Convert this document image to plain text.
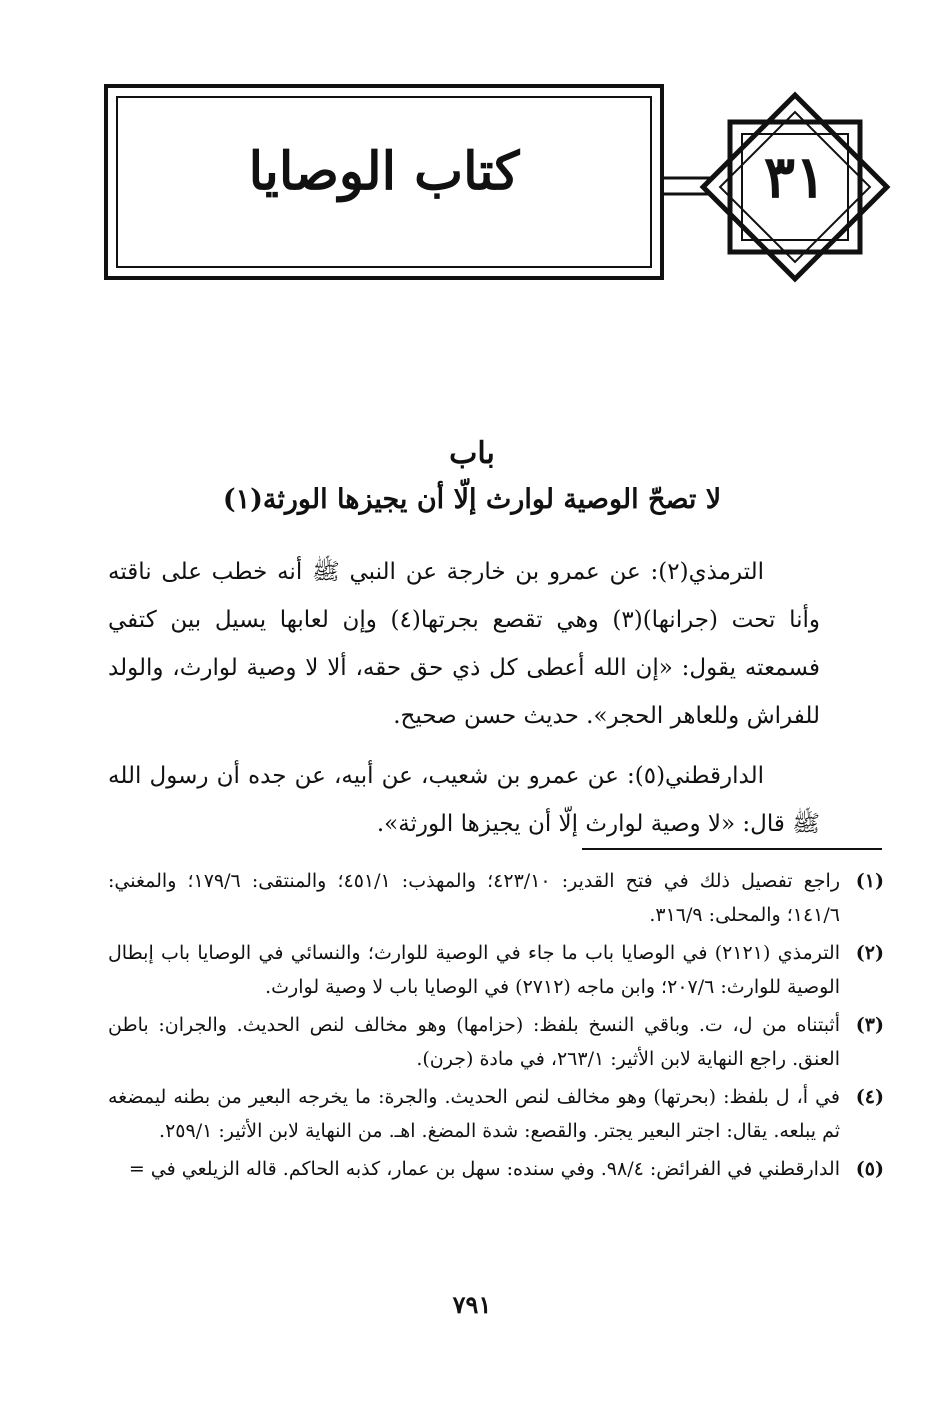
كتاب الوصايا	٣١
باب
لا تصحّ الوصية لوارث إلّا أن يجيزها الورثة(١)

الترمذي(٢): عن عمرو بن خارجة عن النبي ﷺ أنه خطب على ناقته وأنا تحت (جرانها)(٣) وهي تقصع بجرتها(٤) وإن لعابها يسيل بين كتفي فسمعته يقول: «إن الله أعطى كل ذي حق حقه، ألا لا وصية لوارث، والولد للفراش وللعاهر الحجر». حديث حسن صحيح.

الدارقطني(٥): عن عمرو بن شعيب، عن أبيه، عن جده أن رسول الله ﷺ قال: «لا وصية لوارث إلّا أن يجيزها الورثة».

(١)
راجع تفصيل ذلك في فتح القدير: ٤٢٣/١٠؛ والمهذب: ٤٥١/١؛ والمنتقى: ١٧٩/٦؛ والمغني: ١٤١/٦؛ والمحلى: ٣١٦/٩.
(٢)
الترمذي (٢١٢١) في الوصايا باب ما جاء في الوصية للوارث؛ والنسائي في الوصايا باب إبطال الوصية للوارث: ٢٠٧/٦؛ وابن ماجه (٢٧١٢) في الوصايا باب لا وصية لوارث.
(٣)
أثبتناه من ل، ت. وباقي النسخ بلفظ: (حزامها) وهو مخالف لنص الحديث. والجران: باطن العنق. راجع النهاية لابن الأثير: ٢٦٣/١، في مادة (جرن).
(٤)
في أ، ل بلفظ: (بحرتها) وهو مخالف لنص الحديث. والجرة: ما يخرجه البعير من بطنه ليمضغه ثم يبلعه. يقال: اجتر البعير يجتر. والقصع: شدة المضغ. اهـ. من النهاية لابن الأثير: ٢٥٩/١.
(٥)
الدارقطني في الفرائض: ٩٨/٤. وفي سنده: سهل بن عمار، كذبه الحاكم. قاله الزيلعي في =
٧٩١
